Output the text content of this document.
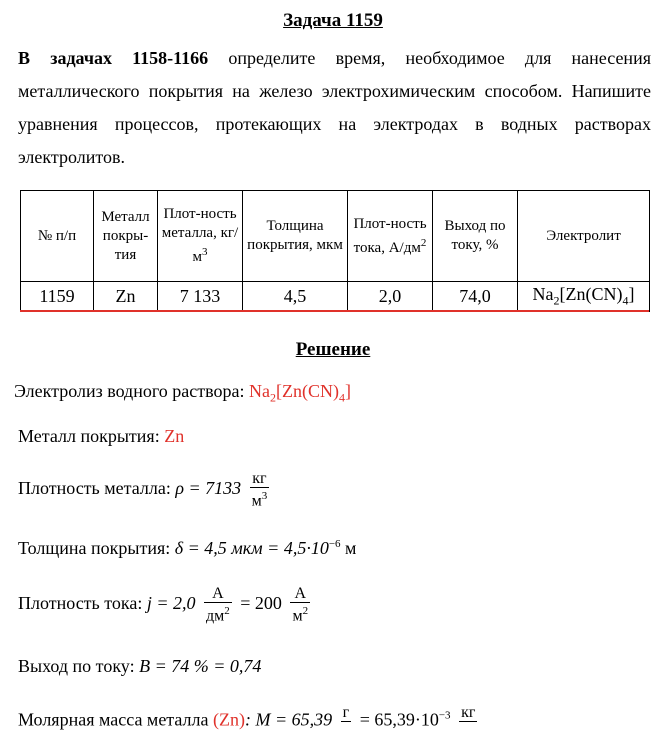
Задача 1159
В задачах 1158-1166 определите время, необходимое для нанесения металлического покрытия на железо электрохимическим способом. Напишите уравнения процессов, протекающих на электродах в водных растворах электролитов.
№ п/п	Металл покры-тия	Плот-ность металла, $кг/м^3$	Толщина покрытия, мкм	Плот-ность тока, $А/дм^2$	Выход по току, %	Электролит
1159	Zn	7 133	4,5	2,0	74,0	$Na_2[Zn(CN)_4]$
Решение
Электролиз водного раствора: $Na_2[Zn(CN)_4]$
Металл покрытия: Zn
Плотность металла: $\rho = 7133 \frac{кг}{м^3}$
Толщина покрытия: δ = 4,5 мкм = $4,5\cdot 10^{-6}$ м
Плотность тока: $j = 2,0 \frac{А}{дм^2} = 200 \frac{А}{м^2}$
Выход по току: B = 74 % = 0,74
Молярная масса металла (Zn): M = 65,39 г
= $65,39\cdot 10^{-3}$ кг
